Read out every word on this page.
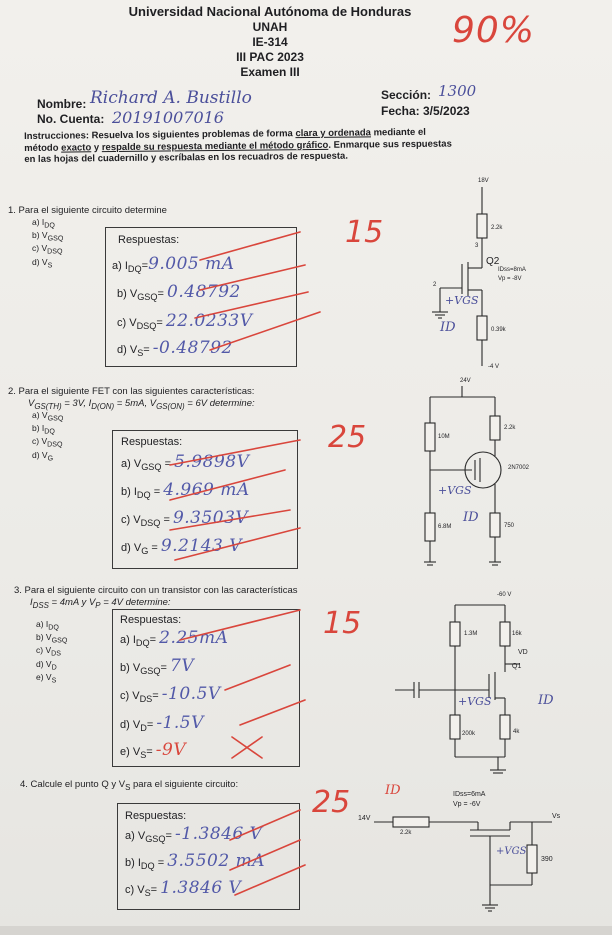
Universidad Nacional Autónoma de Honduras
UNAH
IE-314
III PAC 2023
Examen III
90%
Nombre: Richard A. Bustillo
No. Cuenta: 20191007016
Sección: 1300
Fecha: 3/5/2023
Instrucciones: Resuelva los siguientes problemas de forma clara y ordenada mediante el
método exacto y respalde su respuesta mediante el método gráfico. Enmarque sus respuestas
en las hojas del cuadernillo y escríbalas en los recuadros de respuesta.
1. Para el siguiente circuito determine
a) $I_{DQ}$
b) $V_{GSQ}$
c) $V_{DSQ}$
d) $V_S$
Respuestas:
a) $I_{DQ}=9.005$ mA
b) $V_{GSQ}= 0.48792$
c) $V_{DSQ}= 22.0233V$
d) $V_S= -0.48792$
15
2. Para el siguiente FET con las siguientes características:
$V_{GS(TH)} = 3V$, $I_{D(ON)} = 5mA$, $V_{GS(ON)} = 6V$ determine:
a) $V_{GSQ}$
b) $I_{DQ}$
c) $V_{DSQ}$
d) $V_G$
Respuestas:
a) $V_{GSQ} = 5.9898V$
b) $I_{DQ} = 4.969$ mA
c) $V_{DSQ} = 9.3503V$
d) $V_G = 9.2143$ V
25
3. Para el siguiente circuito con un transistor con las características
$I_{DSS} = 4mA$ y $V_P = 4V$ determine:
a) $I_{DQ}$
b) $V_{GSQ}$
c) $V_{DS}$
d) $V_D$
e) $V_S$
Respuestas:
a) $I_{DQ}= 2.25mA$
b) $V_{GSQ}= 7V$
c) $V_{DS}= -10.5V$
d) $V_D= -1.5V$
e) $V_S= -9V$
15
4. Calcule el punto Q y $V_S$ para el siguiente circuito:
Respuestas:
a) $V_{GSQ}= -1.3846$ V
b) $I_{DQ} = 3.5502$ mA
c) $V_S= 1.3846$ V
25
18V
2.2k
3
Q2
IDss=8mA
Vp = -8V
2
0.39k
-4 V
+VGS
ID
24V
10M
2.2k
2N7002
6.8M	750
+VGS
ID
-60 V
1.3M	16k
VD
Q1
200k	4k
+VGS	ID
IDss=6mA
Vp = -6V
14V
2.2k
Vs
390
ID
+VGS
